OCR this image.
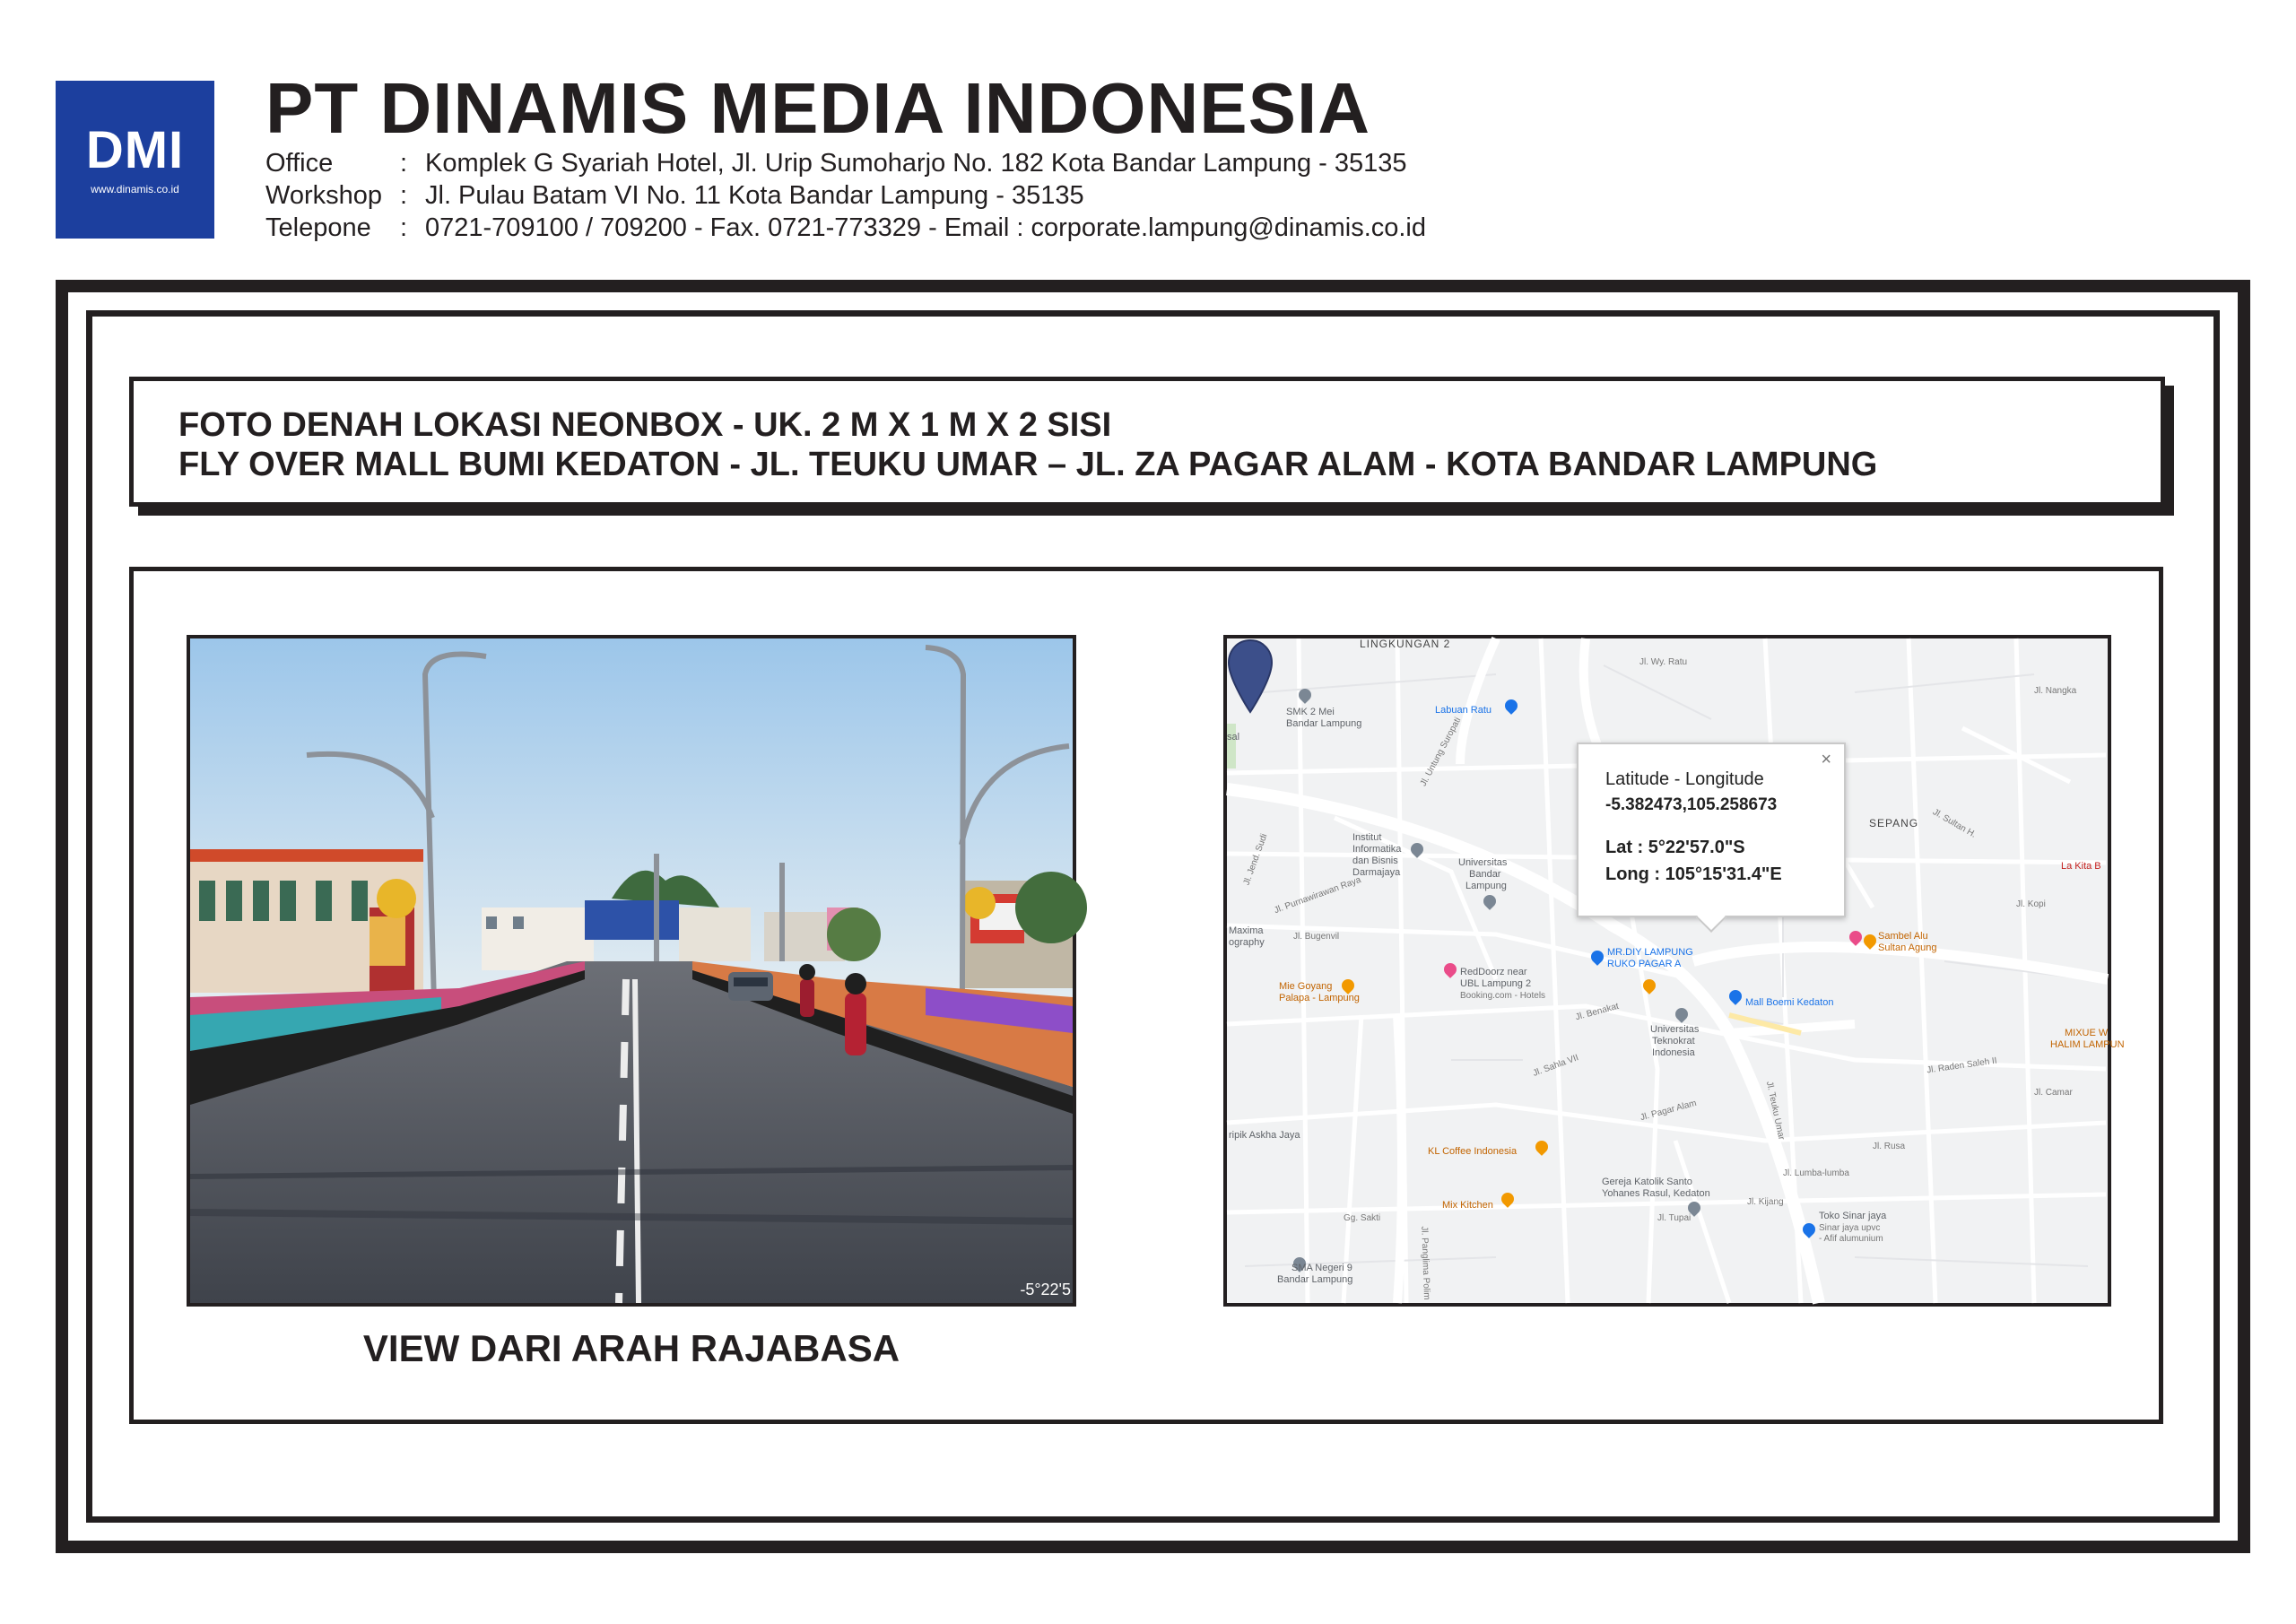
DMI
www.dinamis.co.id
PT DINAMIS MEDIA INDONESIA
Office	: Komplek G Syariah Hotel, Jl. Urip Sumoharjo No. 182 Kota Bandar Lampung - 35135
Workshop : Jl. Pulau Batam VI No. 11 Kota Bandar Lampung - 35135
Telepone	: 0721-709100 / 709200 - Fax. 0721-773329 - Email : corporate.lampung@dinamis.co.id
FOTO DENAH LOKASI NEONBOX - UK. 2 M X 1 M X 2 SISI
FLY OVER MALL BUMI KEDATON - JL. TEUKU UMAR – JL. ZA PAGAR ALAM - KOTA BANDAR LAMPUNG
-5°22'5
VIEW DARI ARAH RAJABASA
LINGKUNGAN 2
SMK 2 Mei
Bandar Lampung
Labuan Ratu
Institut
Informatika
dan Bisnis
Darmajaya
Universitas
Bandar
Lampung
MR.DIY LAMPUNG
RUKO PAGAR A
Mall Boemi Kedaton
RedDoorz near
UBL Lampung 2
Booking.com - Hotels
Mie Goyang
Palapa - Lampung
Maxima
ography
Universitas
Teknokrat
Indonesia
Sambel Alu
Sultan Agung
La Kita B
MIXUE W
HALIM LAMPUN
SEPANG
ripik Askha Jaya
KL Coffee Indonesia
Gereja Katolik Santo
Yohanes Rasul, Kedaton
Mix Kitchen
Toko Sinar jaya
Sinar jaya upvc
- Afif alumunium
SMA Negeri 9
Bandar Lampung
sal	Jl. Untung Suropati
Jl. Teuku Umar
Jl. Purnawirawan Raya
Jl. Bugenvil
Jl. Benakat
Jl. Pagar Alam
Jl. Panglima Polim
Jl. Sultan H.
Jl. Raden Saleh II
Jl. Kopi
Jl. Tupai
Jl. Kijang
Jl. Rusa
Jl. Lumba-lumba
Jl. Camar
Jl. Nangka
Gg. Sakti
Jl. Wy. Ratu
Jl. Sahla VII
Jl. Jend. Sudi
×
Latitude - Longitude
-5.382473,105.258673
Lat : 5°22'57.0"S
Long : 105°15'31.4"E
